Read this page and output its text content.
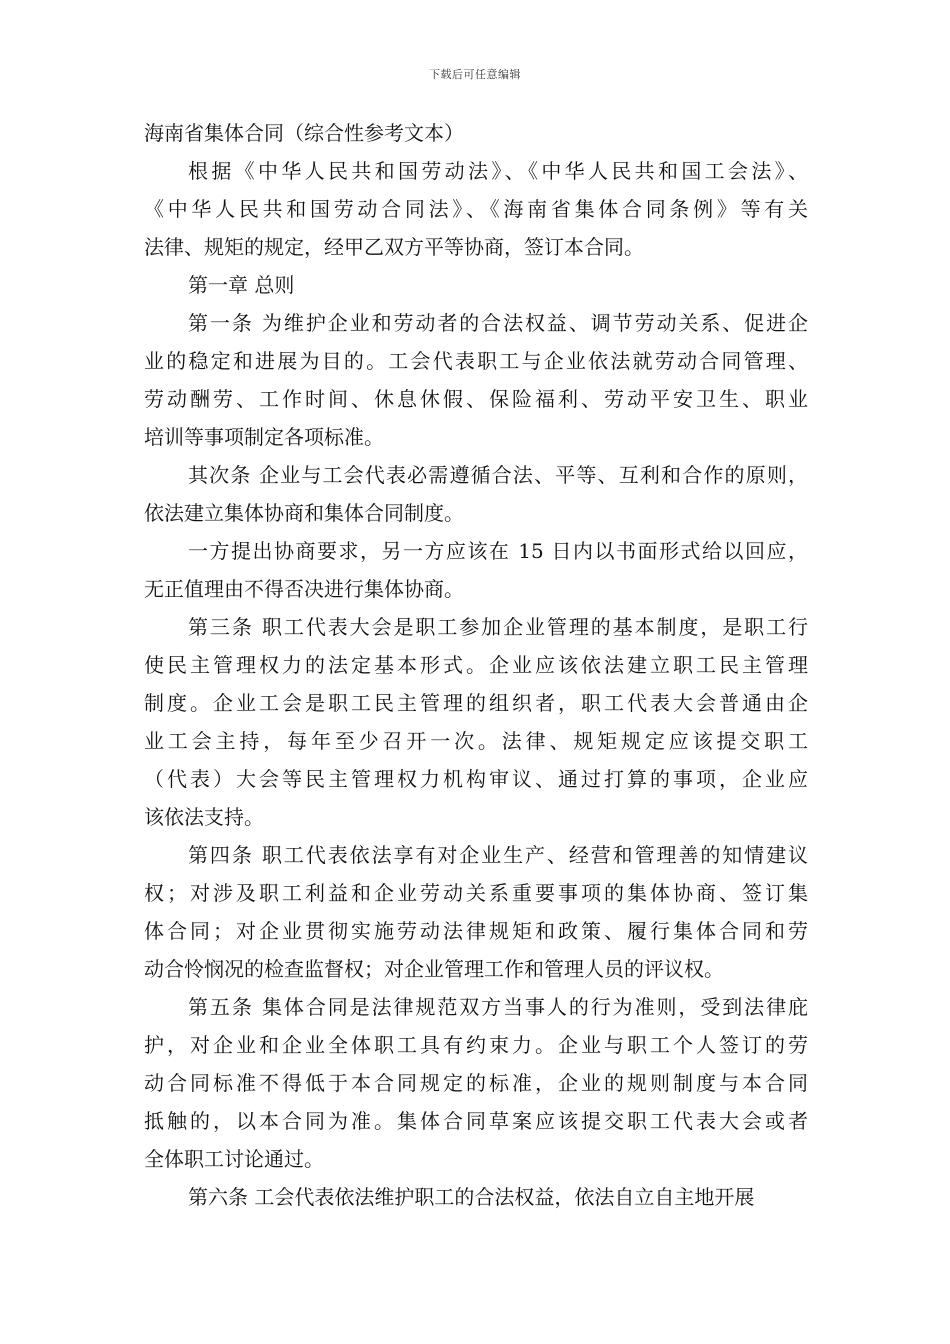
下载后可任意编辑
海南省集体合同（综合性参考文本）
根据《中华人民共和国劳动法》、《中华人民共和国工会法》、
《中华人民共和国劳动合同法》、《海南省集体合同条例》等有关
法律、规矩的规定，经甲乙双方平等协商，签订本合同。
第一章 总则
第一条 为维护企业和劳动者的合法权益、调节劳动关系、促进企
业的稳定和进展为目的。工会代表职工与企业依法就劳动合同管理、
劳动酬劳、工作时间、休息休假、保险福利、劳动平安卫生、职业
培训等事项制定各项标准。
其次条 企业与工会代表必需遵循合法、平等、互利和合作的原则，
依法建立集体协商和集体合同制度。
一方提出协商要求，另一方应该在 15 日内以书面形式给以回应，
无正值理由不得否决进行集体协商。
第三条 职工代表大会是职工参加企业管理的基本制度，是职工行
使民主管理权力的法定基本形式。企业应该依法建立职工民主管理
制度。企业工会是职工民主管理的组织者，职工代表大会普通由企
业工会主持，每年至少召开一次。法律、规矩规定应该提交职工
（代表）大会等民主管理权力机构审议、通过打算的事项，企业应
该依法支持。
第四条 职工代表依法享有对企业生产、经营和管理善的知情建议
权；对涉及职工利益和企业劳动关系重要事项的集体协商、签订集
体合同；对企业贯彻实施劳动法律规矩和政策、履行集体合同和劳
动合怜悯况的检查监督权；对企业管理工作和管理人员的评议权。
第五条 集体合同是法律规范双方当事人的行为准则，受到法律庇
护，对企业和企业全体职工具有约束力。企业与职工个人签订的劳
动合同标准不得低于本合同规定的标准，企业的规则制度与本合同
抵触的，以本合同为准。集体合同草案应该提交职工代表大会或者
全体职工讨论通过。
第六条 工会代表依法维护职工的合法权益，依法自立自主地开展
